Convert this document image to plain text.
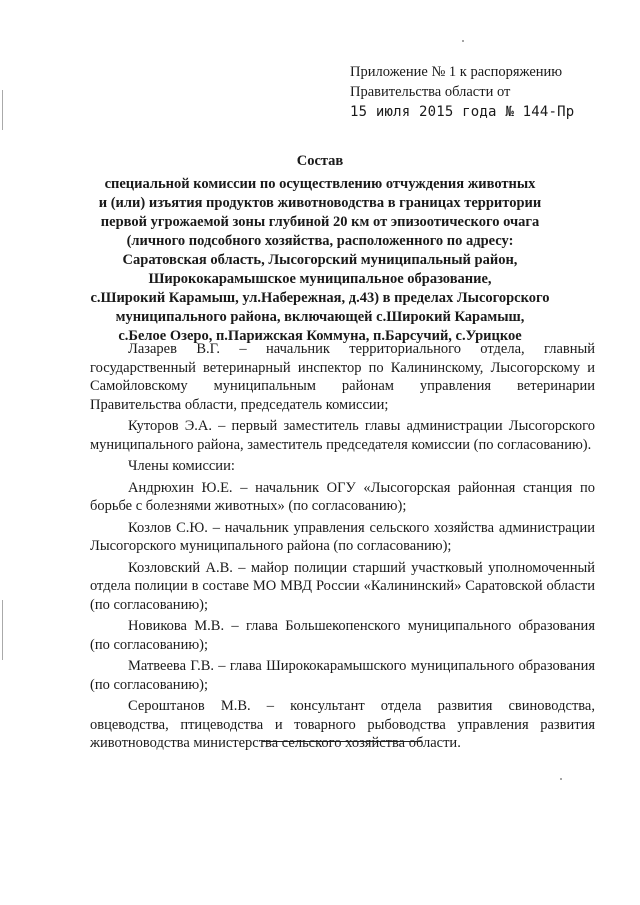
Приложение № 1 к распоряжению
Правительства области от
15 июля 2015 года № 144-Пр
Состав
специальной комиссии по осуществлению отчуждения животных
и (или) изъятия продуктов животноводства в границах территории
первой угрожаемой зоны глубиной 20 км от эпизоотического очага
(личного подсобного хозяйства, расположенного по адресу:
Саратовская область, Лысогорский муниципальный район,
Ширококарамышское муниципальное образование,
с.Широкий Карамыш, ул.Набережная, д.43) в пределах Лысогорского
муниципального района, включающей с.Широкий Карамыш,
с.Белое Озеро, п.Парижская Коммуна, п.Барсучий, с.Урицкое

Лазарев В.Г. – начальник территориального отдела, главный государственный ветеринарный инспектор по Калининскому, Лысогорскому и Самойловскому муниципальным районам управления ветеринарии Правительства области, председатель комиссии;

Куторов Э.А. – первый заместитель главы администрации Лысогорского муниципального района, заместитель председателя комиссии (по согласованию).

Члены комиссии:

Андрюхин Ю.Е. – начальник ОГУ «Лысогорская районная станция по борьбе с болезнями животных» (по согласованию);

Козлов С.Ю. – начальник управления сельского хозяйства администрации Лысогорского муниципального района (по согласованию);

Козловский А.В. – майор полиции старший участковый уполномоченный отдела полиции в составе МО МВД России «Калининский» Саратовской области (по согласованию);

Новикова М.В. – глава Большекопенского муниципального образования (по согласованию);

Матвеева Г.В. – глава Ширококарамышского муниципального образования (по согласованию);

Сероштанов М.В. – консультант отдела развития свиноводства, овцеводства, птицеводства и товарного рыбоводства управления развития животноводства министерства сельского хозяйства области.
